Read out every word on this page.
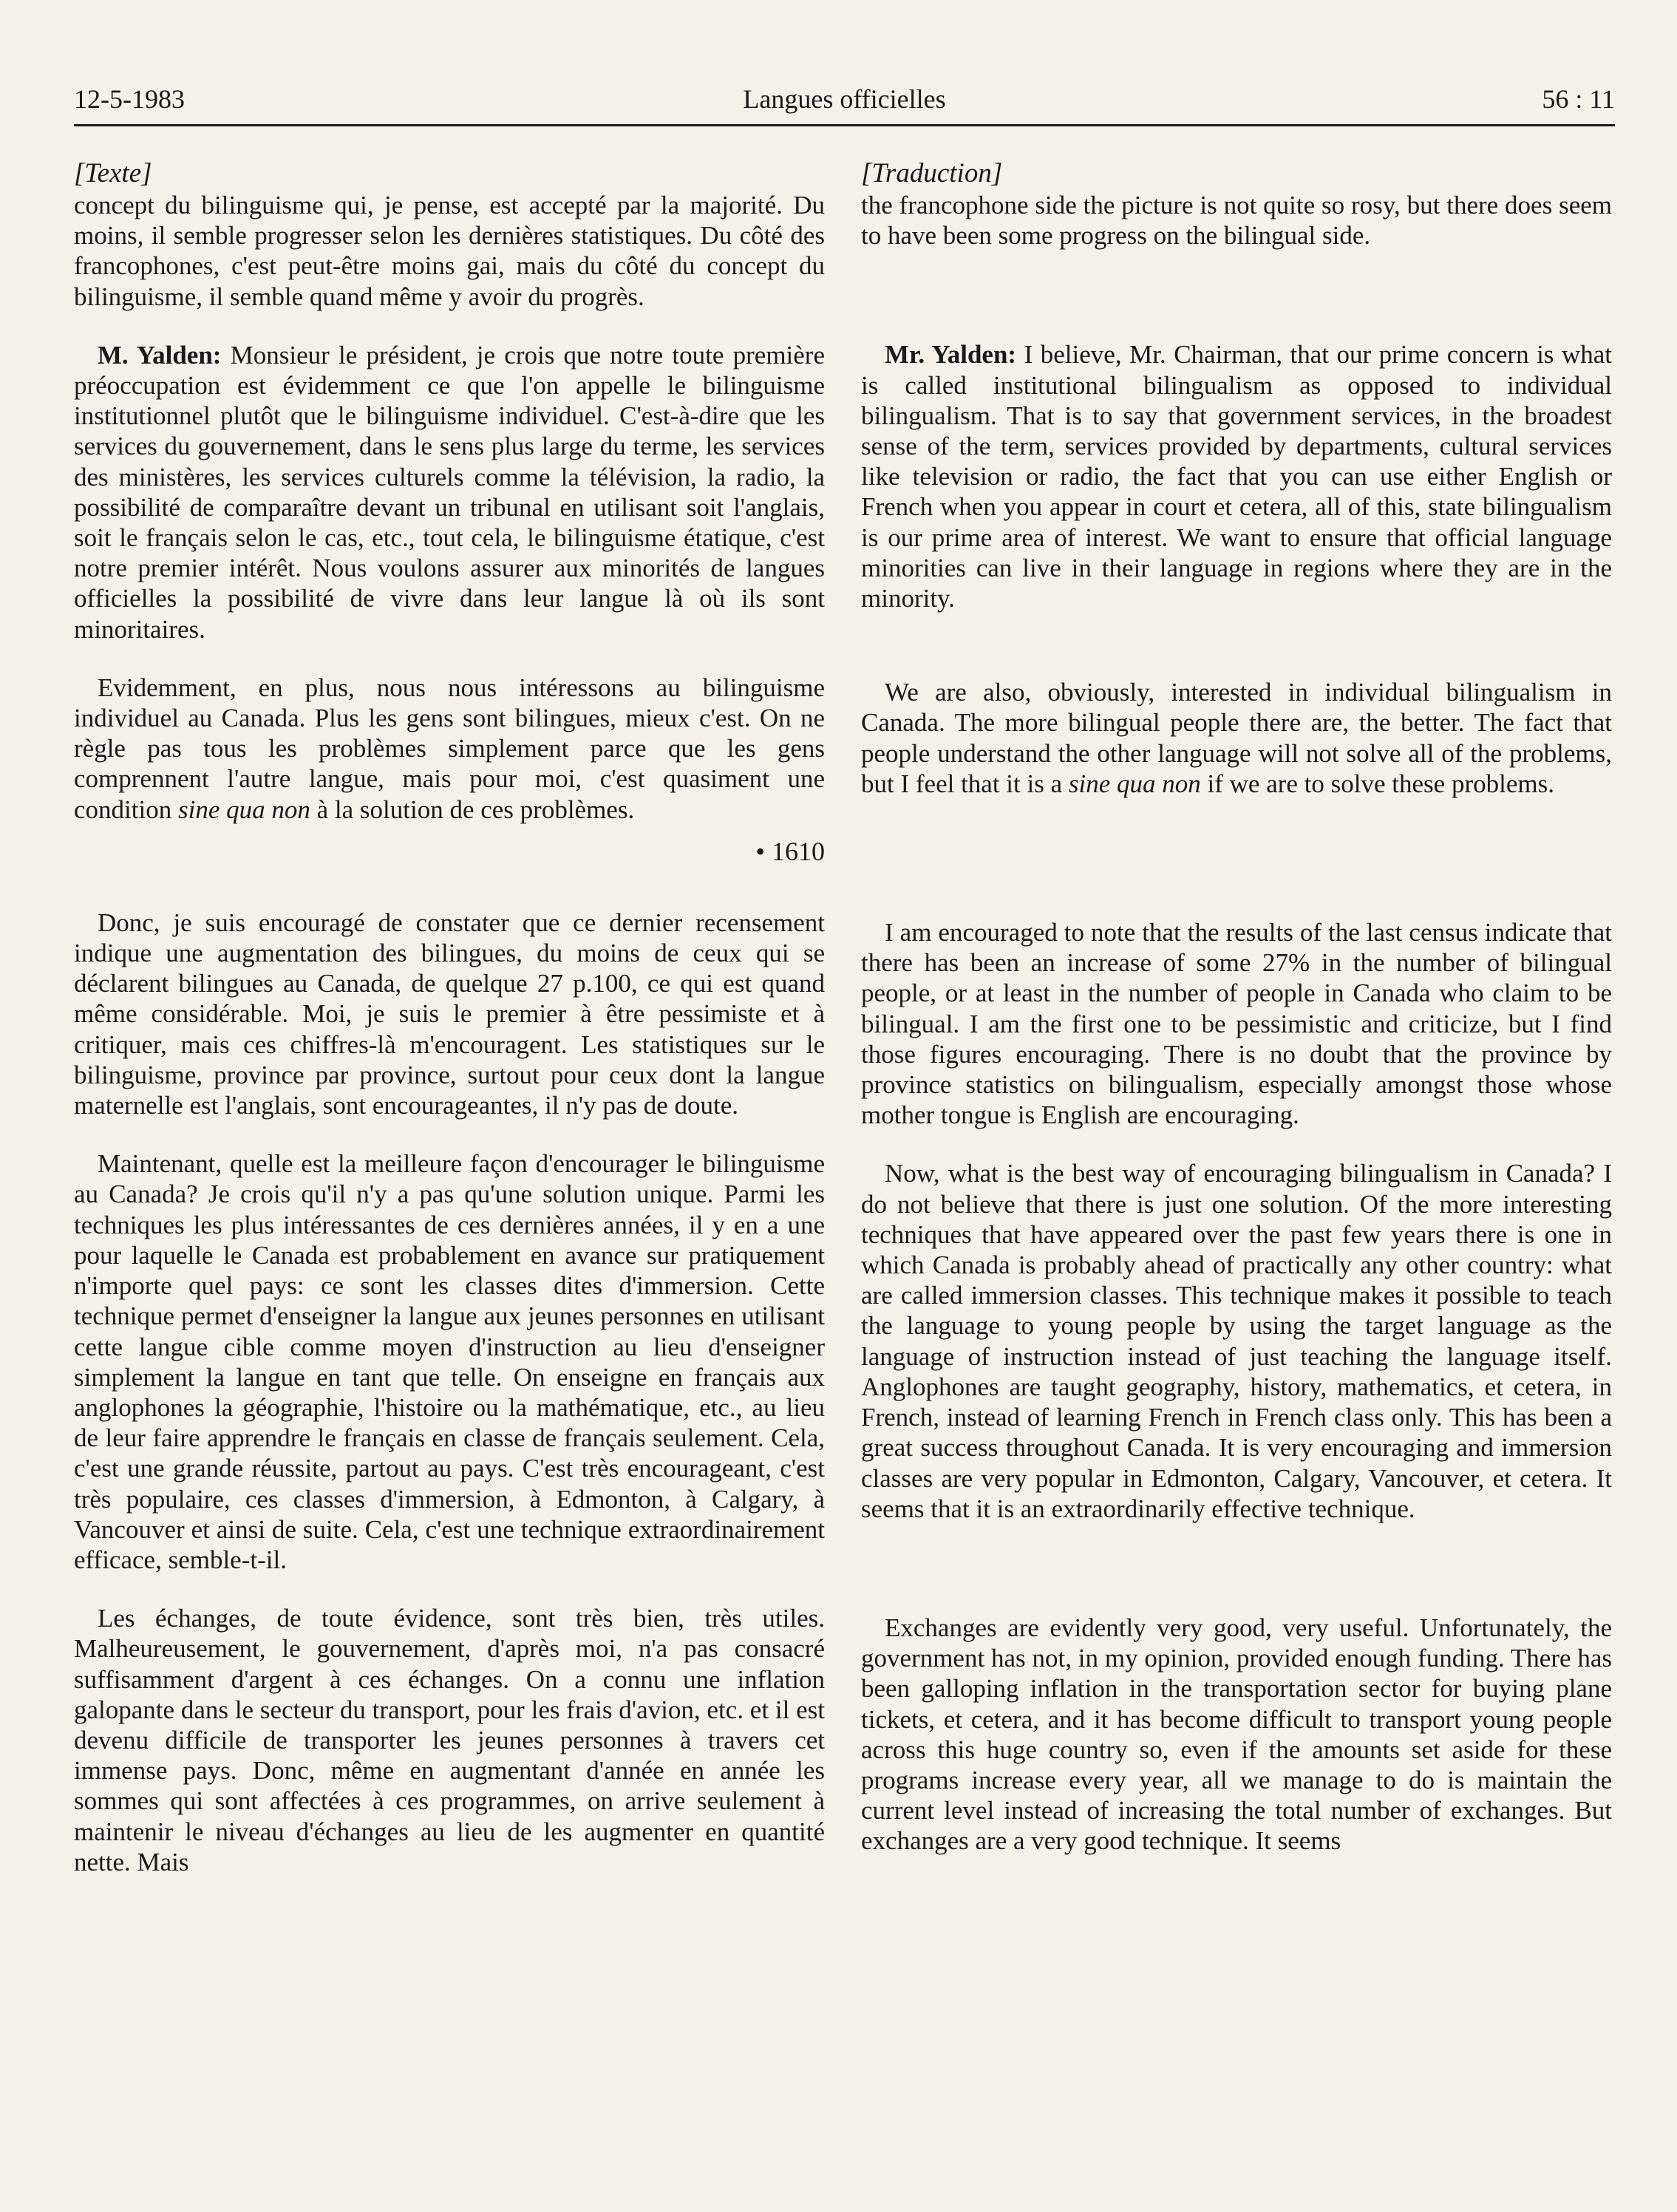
12-5-1983	Langues officielles	56 : 11
[Texte]

concept du bilinguisme qui, je pense, est accepté par la majorité. Du moins, il semble progresser selon les dernières statistiques. Du côté des francophones, c'est peut-être moins gai, mais du côté du concept du bilinguisme, il semble quand même y avoir du progrès.

M. Yalden: Monsieur le président, je crois que notre toute première préoccupation est évidemment ce que l'on appelle le bilinguisme institutionnel plutôt que le bilinguisme individuel. C'est-à-dire que les services du gouvernement, dans le sens plus large du terme, les services des ministères, les services culturels comme la télévision, la radio, la possibilité de comparaître devant un tribunal en utilisant soit l'anglais, soit le français selon le cas, etc., tout cela, le bilinguisme étatique, c'est notre premier intérêt. Nous voulons assurer aux minorités de langues officielles la possibilité de vivre dans leur langue là où ils sont minoritaires.

Evidemment, en plus, nous nous intéressons au bilinguisme individuel au Canada. Plus les gens sont bilingues, mieux c'est. On ne règle pas tous les problèmes simplement parce que les gens comprennent l'autre langue, mais pour moi, c'est quasiment une condition sine qua non à la solution de ces problèmes.

• 1610

Donc, je suis encouragé de constater que ce dernier recensement indique une augmentation des bilingues, du moins de ceux qui se déclarent bilingues au Canada, de quelque 27 p.100, ce qui est quand même considérable. Moi, je suis le premier à être pessimiste et à critiquer, mais ces chiffres-là m'encouragent. Les statistiques sur le bilinguisme, province par province, surtout pour ceux dont la langue maternelle est l'anglais, sont encourageantes, il n'y pas de doute.

Maintenant, quelle est la meilleure façon d'encourager le bilinguisme au Canada? Je crois qu'il n'y a pas qu'une solution unique. Parmi les techniques les plus intéressantes de ces dernières années, il y en a une pour laquelle le Canada est probablement en avance sur pratiquement n'importe quel pays: ce sont les classes dites d'immersion. Cette technique permet d'enseigner la langue aux jeunes personnes en utilisant cette langue cible comme moyen d'instruction au lieu d'enseigner simplement la langue en tant que telle. On enseigne en français aux anglophones la géographie, l'histoire ou la mathématique, etc., au lieu de leur faire apprendre le français en classe de français seulement. Cela, c'est une grande réussite, partout au pays. C'est très encourageant, c'est très populaire, ces classes d'immersion, à Edmonton, à Calgary, à Vancouver et ainsi de suite. Cela, c'est une technique extraordinairement efficace, semble-t-il.

Les échanges, de toute évidence, sont très bien, très utiles. Malheureusement, le gouvernement, d'après moi, n'a pas consacré suffisamment d'argent à ces échanges. On a connu une inflation galopante dans le secteur du transport, pour les frais d'avion, etc. et il est devenu difficile de transporter les jeunes personnes à travers cet immense pays. Donc, même en augmentant d'année en année les sommes qui sont affectées à ces programmes, on arrive seulement à maintenir le niveau d'échanges au lieu de les augmenter en quantité nette. Mais

[Traduction]

the francophone side the picture is not quite so rosy, but there does seem to have been some progress on the bilingual side.

Mr. Yalden: I believe, Mr. Chairman, that our prime concern is what is called institutional bilingualism as opposed to individual bilingualism. That is to say that government services, in the broadest sense of the term, services provided by departments, cultural services like television or radio, the fact that you can use either English or French when you appear in court et cetera, all of this, state bilingualism is our prime area of interest. We want to ensure that official language minorities can live in their language in regions where they are in the minority.

We are also, obviously, interested in individual bilingualism in Canada. The more bilingual people there are, the better. The fact that people understand the other language will not solve all of the problems, but I feel that it is a sine qua non if we are to solve these problems.

I am encouraged to note that the results of the last census indicate that there has been an increase of some 27% in the number of bilingual people, or at least in the number of people in Canada who claim to be bilingual. I am the first one to be pessimistic and criticize, but I find those figures encouraging. There is no doubt that the province by province statistics on bilingualism, especially amongst those whose mother tongue is English are encouraging.

Now, what is the best way of encouraging bilingualism in Canada? I do not believe that there is just one solution. Of the more interesting techniques that have appeared over the past few years there is one in which Canada is probably ahead of practically any other country: what are called immersion classes. This technique makes it possible to teach the language to young people by using the target language as the language of instruction instead of just teaching the language itself. Anglophones are taught geography, history, mathematics, et cetera, in French, instead of learning French in French class only. This has been a great success throughout Canada. It is very encouraging and immersion classes are very popular in Edmonton, Calgary, Vancouver, et cetera. It seems that it is an extraordinarily effective technique.

Exchanges are evidently very good, very useful. Unfortunately, the government has not, in my opinion, provided enough funding. There has been galloping inflation in the transportation sector for buying plane tickets, et cetera, and it has become difficult to transport young people across this huge country so, even if the amounts set aside for these programs increase every year, all we manage to do is maintain the current level instead of increasing the total number of exchanges. But exchanges are a very good technique. It seems
